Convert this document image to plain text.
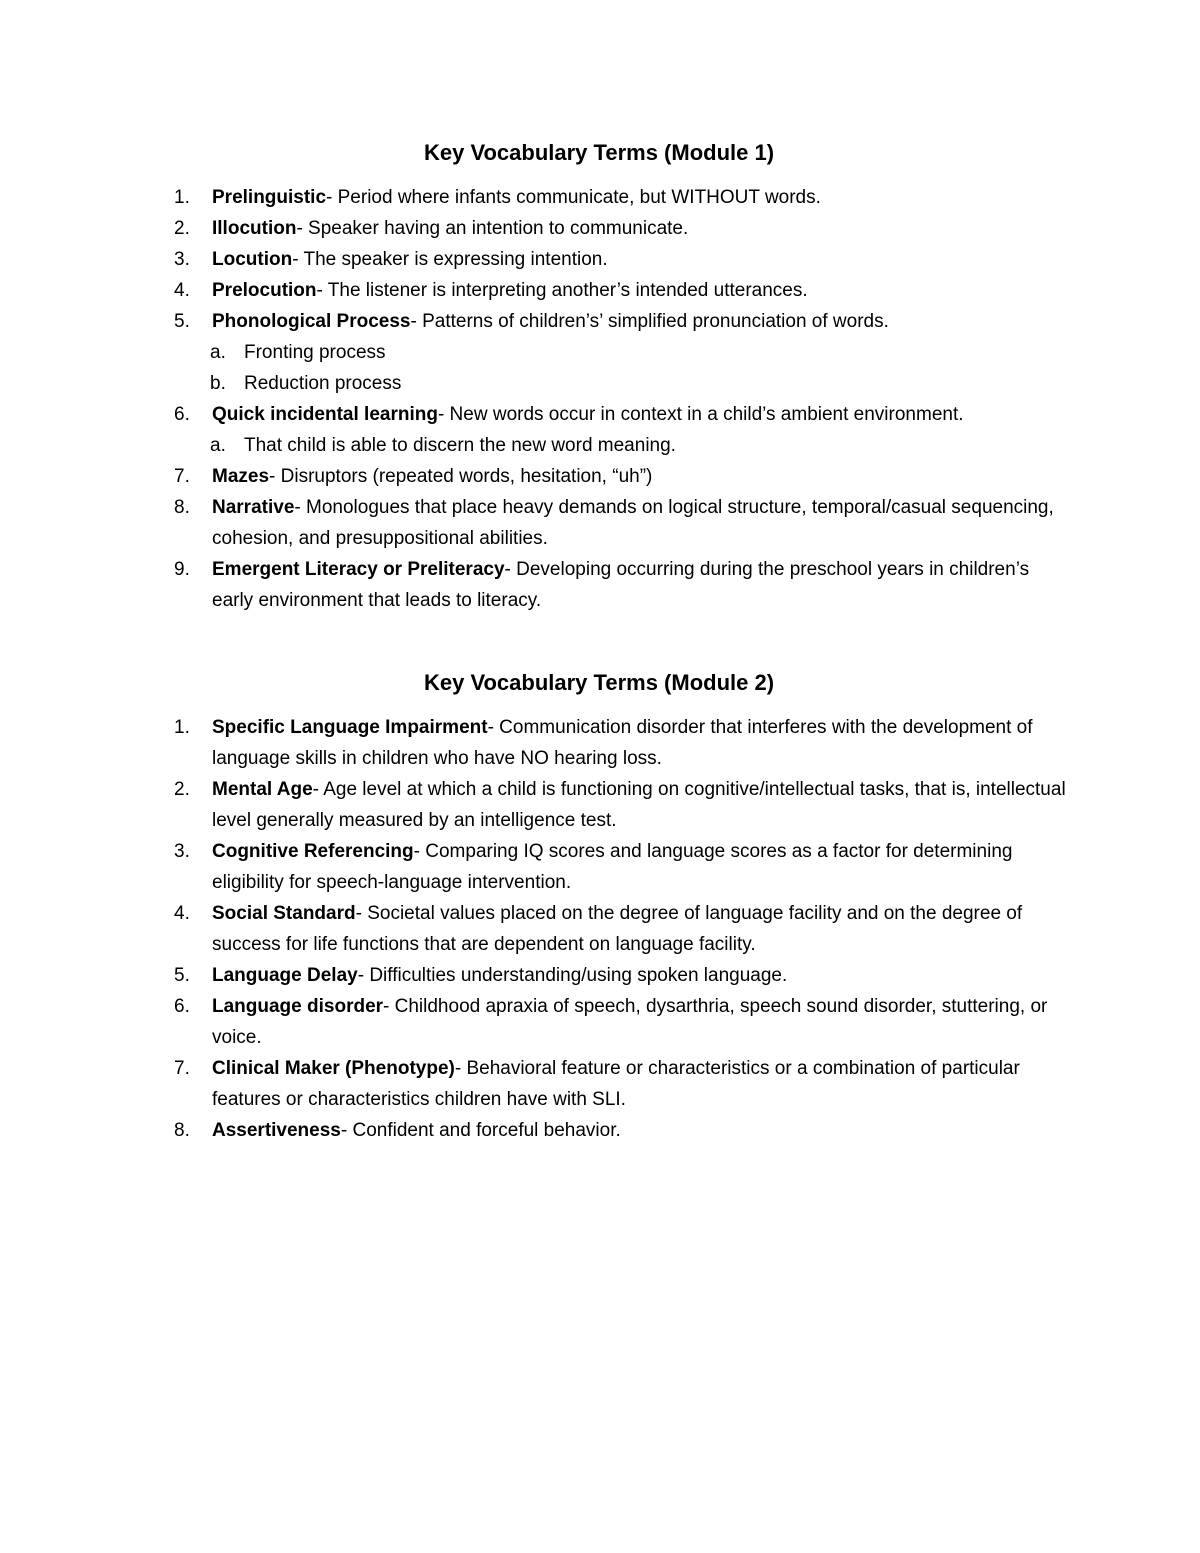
Key Vocabulary Terms (Module 1)
1.	Prelinguistic- Period where infants communicate, but WITHOUT words.
2.	Illocution- Speaker having an intention to communicate.
3.	Locution- The speaker is expressing intention.
4.	Prelocution- The listener is interpreting another’s intended utterances.
5.	Phonological Process- Patterns of children’s’ simplified pronunciation of words.
a. Fronting process
b. Reduction process
6.	Quick incidental learning- New words occur in context in a child’s ambient environment.
a. That child is able to discern the new word meaning.
7.	Mazes- Disruptors (repeated words, hesitation, “uh”)
8.	Narrative- Monologues that place heavy demands on logical structure, temporal/casual sequencing, cohesion, and presuppositional abilities.
9.	Emergent Literacy or Preliteracy- Developing occurring during the preschool years in children’s early environment that leads to literacy.
Key Vocabulary Terms (Module 2)
1.	Specific Language Impairment- Communication disorder that interferes with the development of language skills in children who have NO hearing loss.
2.	Mental Age- Age level at which a child is functioning on cognitive/intellectual tasks, that is, intellectual level generally measured by an intelligence test.
3.	Cognitive Referencing- Comparing IQ scores and language scores as a factor for determining eligibility for speech-language intervention.
4.	Social Standard- Societal values placed on the degree of language facility and on the degree of success for life functions that are dependent on language facility.
5.	Language Delay- Difficulties understanding/using spoken language.
6.	Language disorder- Childhood apraxia of speech, dysarthria, speech sound disorder, stuttering, or voice.
7.	Clinical Maker (Phenotype)- Behavioral feature or characteristics or a combination of particular features or characteristics children have with SLI.
8.	Assertiveness- Confident and forceful behavior.
